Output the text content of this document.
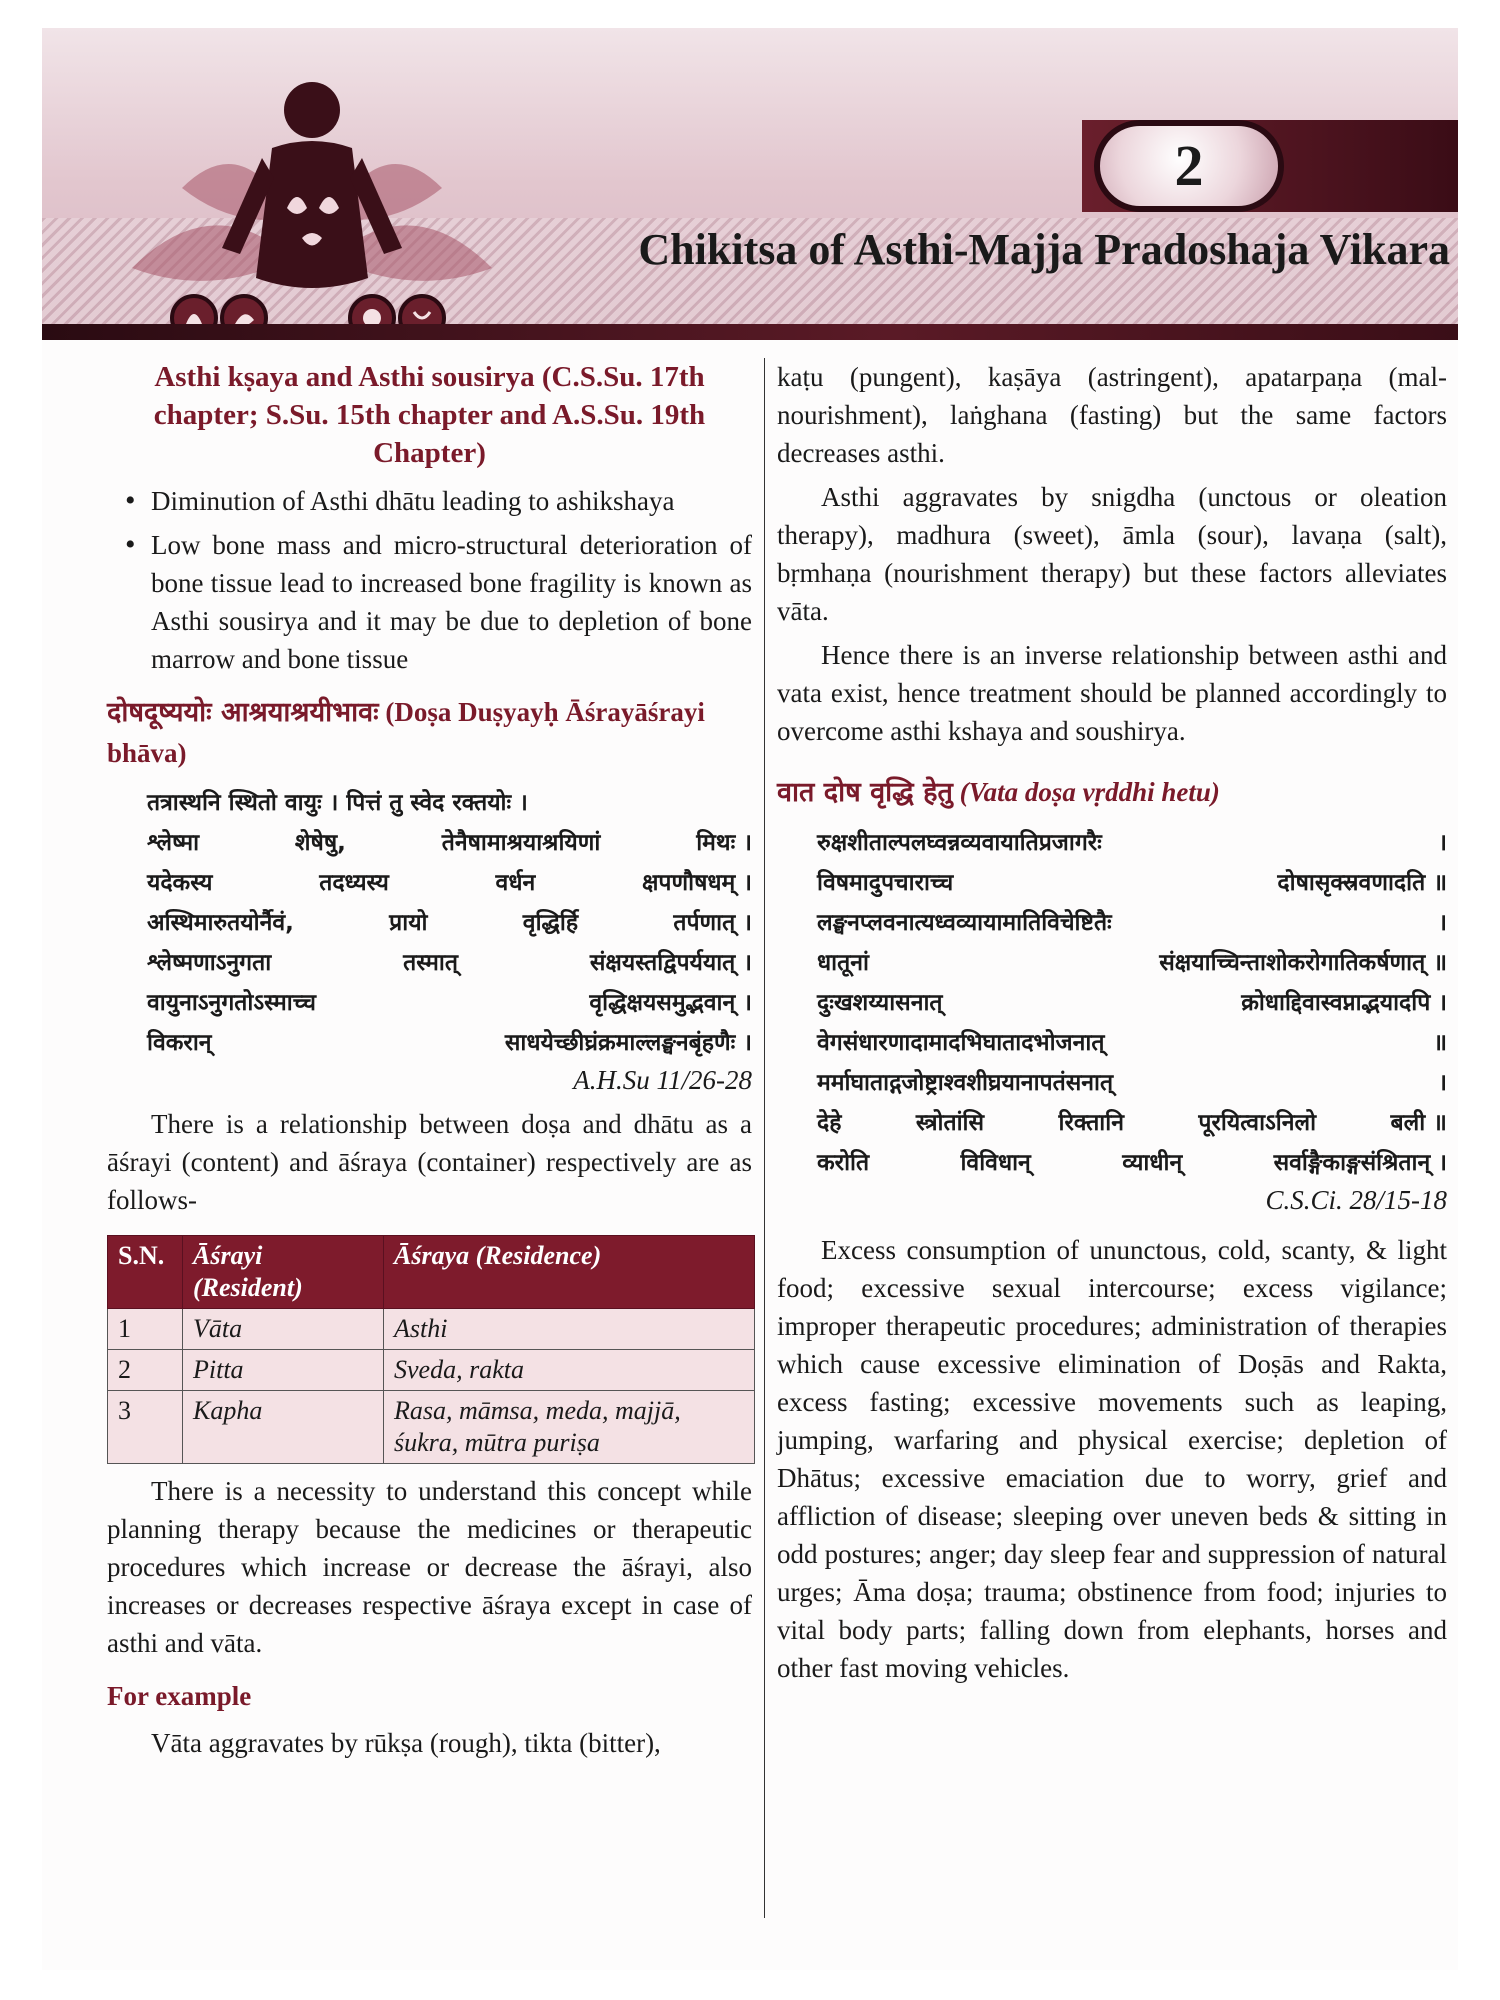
2
Chikitsa of Asthi-Majja Pradoshaja Vikara

Asthi kṣaya and Asthi sousirya (C.S.Su. 17th chapter; S.Su. 15th chapter and A.S.Su. 19th Chapter)

• Diminution of Asthi dhātu leading to ashikshaya
• Low bone mass and micro-structural deterioration of bone tissue lead to increased bone fragility is known as Asthi sousirya and it may be due to depletion of bone marrow and bone tissue

दोषदूष्ययोः आश्रयाश्रयीभावः (Doṣa Duṣyayḥ Āśrayāśrayi bhāva)

तत्रास्थनि स्थितो वायुः । पित्तं तु स्वेद रक्तयोः ।
श्लेष्मा	शेषेषु,	तेनैषामाश्रयाश्रयिणां	मिथः ।
यदेकस्य	तदध्यस्य	वर्धन	क्षपणौषधम् ।
अस्थिमारुतयोर्नैवं,	प्रायो	वृद्धिर्हि	तर्पणात् ।
श्लेष्मणाऽनुगता	तस्मात्	संक्षयस्तद्विपर्ययात् ।
वायुनाऽनुगतोऽस्माच्च	वृद्धिक्षयसमुद्भवान् ।
विकरान्	साधयेच्छीघ्रंक्रमाल्लङ्घनबृंहणैः ।

A.H.Su 11/26-28

There is a relationship between doṣa and dhātu as a āśrayi (content) and āśraya (container) respectively are as follows-

S.N.	Āśrayi (Resident)	Āśraya (Residence)
1	Vāta	Asthi
2	Pitta	Sveda, rakta
3	Kapha	Rasa, māmsa, meda, majjā, śukra, mūtra puriṣa

There is a necessity to understand this concept while planning therapy because the medicines or therapeutic procedures which increase or decrease the āśrayi, also increases or decreases respective āśraya except in case of asthi and vāta.

For example

Vāta aggravates by rūkṣa (rough), tikta (bitter),

kaṭu (pungent), kaṣāya (astringent), apatarpaṇa (mal-nourishment), laṅghana (fasting) but the same factors decreases asthi.

Asthi aggravates by snigdha (unctous or oleation therapy), madhura (sweet), āmla (sour), lavaṇa (salt), bṛmhaṇa (nourishment therapy) but these factors alleviates vāta.

Hence there is an inverse relationship between asthi and vata exist, hence treatment should be planned accordingly to overcome asthi kshaya and soushirya.

वात दोष वृद्धि हेतु (Vata doṣa vṛddhi hetu)

रुक्षशीताल्पलघ्वन्नव्यवायातिप्रजागरैः	।
विषमादुपचाराच्च	दोषासृक्स्रवणादति ॥
लङ्घनप्लवनात्यध्वव्यायामातिविचेष्टितैः	।
धातूनां	संक्षयाच्चिन्ताशोकरोगातिकर्षणात् ॥
दुःखशय्यासनात्	क्रोधाद्दिवास्वप्नाद्भयादपि ।
वेगसंधारणादामादभिघातादभोजनात्	॥
मर्माघाताद्गजोष्ट्राश्वशीघ्रयानापतंसनात्	।
देहे	स्त्रोतांसि	रिक्तानि	पूरयित्वाऽनिलो	बली ॥
करोति	विविधान्	व्याधीन्	सर्वाङ्गैकाङ्गसंश्रितान् ।

C.S.Ci. 28/15-18

Excess consumption of ununctous, cold, scanty, & light food; excessive sexual intercourse; excess vigilance; improper therapeutic procedures; administration of therapies which cause excessive elimination of Doṣās and Rakta, excess fasting; excessive movements such as leaping, jumping, warfaring and physical exercise; depletion of Dhātus; excessive emaciation due to worry, grief and affliction of disease; sleeping over uneven beds & sitting in odd postures; anger; day sleep fear and suppression of natural urges; Āma doṣa; trauma; obstinence from food; injuries to vital body parts; falling down from elephants, horses and other fast moving vehicles.
